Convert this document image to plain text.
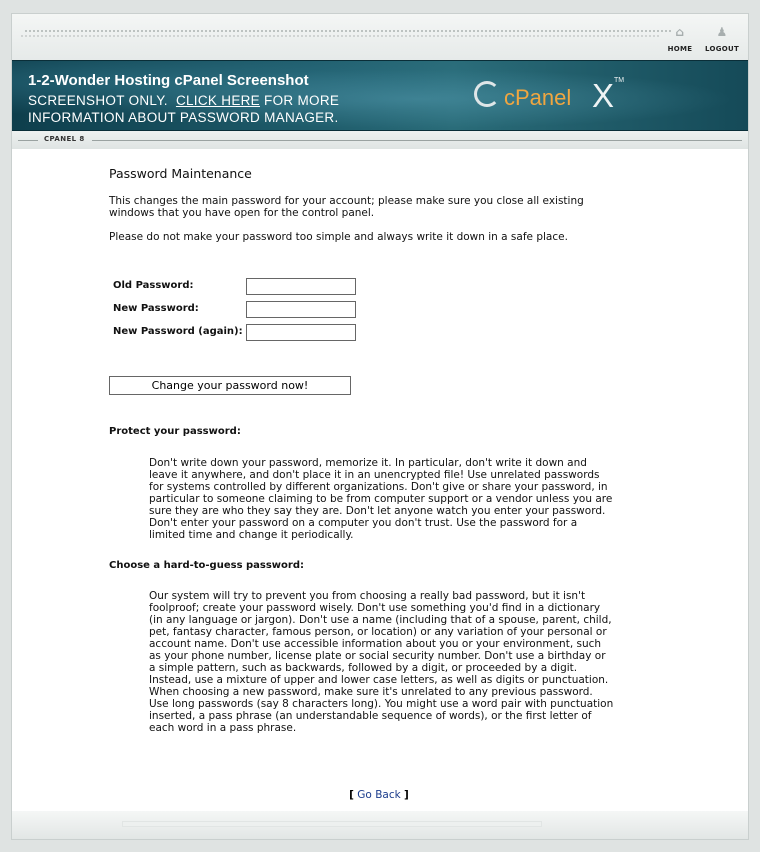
⌂
HOME
♟
LOGOUT
1-2-Wonder Hosting cPanel Screenshot
SCREENSHOT ONLY.  CLICK HERE FOR MORE
INFORMATION ABOUT PASSWORD MANAGER.
cPanel X TM
CPANEL 8
Password Maintenance

This changes the main password for your account; please make sure you close all existing windows that you have open for the control panel.

Please do not make your password too simple and always write it down in a safe place.

Old Password:
New Password:
New Password (again):
Change your password now!

Protect your password:

Don't write down your password, memorize it. In particular, don't write it down and leave it anywhere, and don't place it in an unencrypted file! Use unrelated passwords for systems controlled by different organizations. Don't give or share your password, in particular to someone claiming to be from computer support or a vendor unless you are sure they are who they say they are. Don't let anyone watch you enter your password. Don't enter your password on a computer you don't trust. Use the password for a limited time and change it periodically.

Choose a hard-to-guess password:

Our system will try to prevent you from choosing a really bad password, but it isn't foolproof; create your password wisely. Don't use something you'd find in a dictionary (in any language or jargon). Don't use a name (including that of a spouse, parent, child, pet, fantasy character, famous person, or location) or any variation of your personal or account name. Don't use accessible information about you or your environment, such as your phone number, license plate or social security number. Don't use a birthday or a simple pattern, such as backwards, followed by a digit, or proceeded by a digit. Instead, use a mixture of upper and lower case letters, as well as digits or punctuation. When choosing a new password, make sure it's unrelated to any previous password. Use long passwords (say 8 characters long). You might use a word pair with punctuation inserted, a pass phrase (an understandable sequence of words), or the first letter of each word in a pass phrase.

[ Go Back ]
